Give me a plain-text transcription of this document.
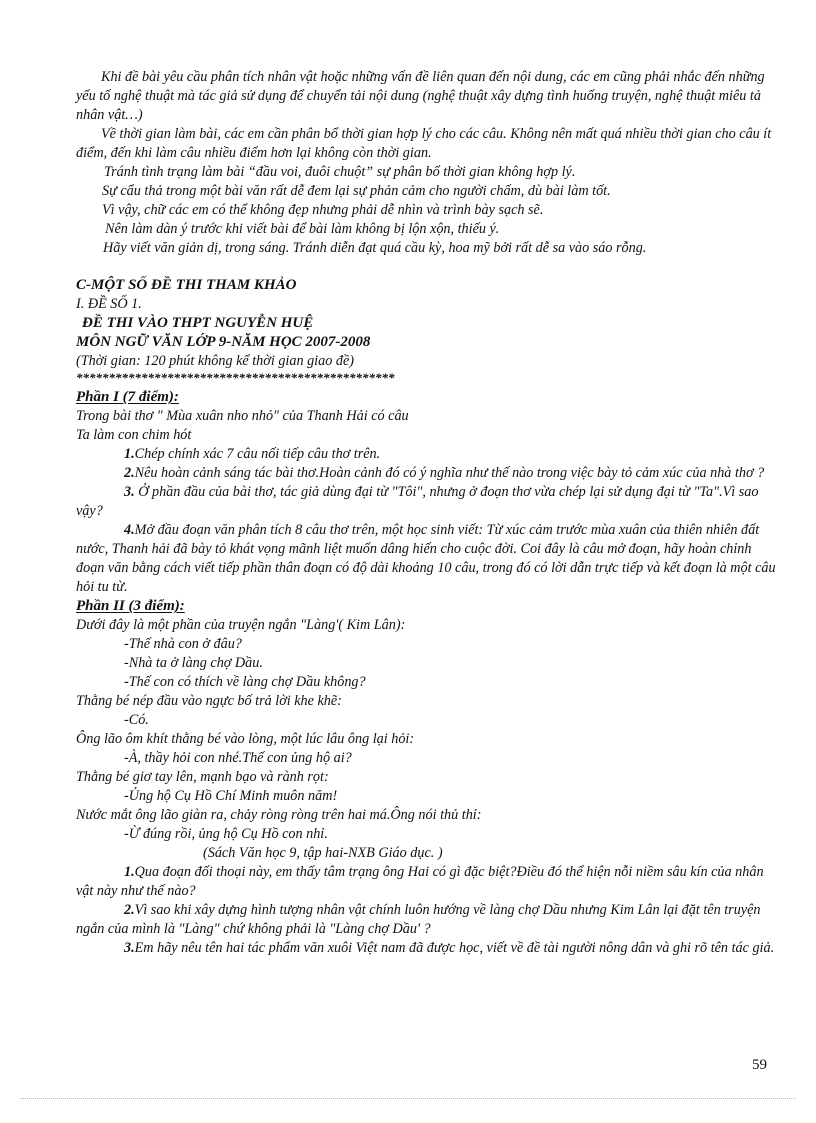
Khi đề bài yêu cầu phân tích nhân vật hoặc những vấn đề liên quan đến nội dung, các em cũng phải nhắc đến những yếu tố nghệ thuật mà tác giả sử dụng để chuyển tải nội dung (nghệ thuật xây dựng tình huống truyện, nghệ thuật miêu tả nhân vật…)

Về thời gian làm bài, các em cần phân bổ thời gian hợp lý cho các câu. Không nên mất quá nhiều thời gian cho câu ít điểm, đến khi làm câu nhiều điểm hơn lại không còn thời gian.

Tránh tình trạng làm bài “đầu voi, đuôi chuột” sự phân bổ thời gian không hợp lý.

Sự cẩu thả trong một bài văn rất dễ đem lại sự phản cảm cho người chấm, dù bài làm tốt.

Vì vậy, chữ các em có thể không đẹp nhưng phải dễ nhìn và trình bày sạch sẽ.

Nên làm dàn ý trước khi viết bài để bài làm không bị lộn xộn, thiếu ý.

Hãy viết văn giản dị, trong sáng. Tránh diễn đạt quá cầu kỳ, hoa mỹ bởi rất dễ sa vào sáo rỗng.

C-MỘT SỐ ĐỀ THI THAM KHẢO

I. ĐỀ SỐ 1.

ĐỀ THI VÀO THPT NGUYỄN HUỆ

MÔN NGỮ VĂN LỚP 9-NĂM HỌC 2007-2008

(Thời gian: 120 phút không kể thời gian giao đề)

*************************************************

Phần I (7 điểm):

Trong bài thơ " Mùa xuân nho nhỏ" của Thanh Hải có câu

Ta làm con chim hót

1.Chép chính xác 7 câu nối tiếp câu thơ trên.

2.Nêu hoàn cảnh sáng tác bài thơ.Hoàn cảnh đó có ý nghĩa như thế nào trong việc bày tỏ cảm xúc của nhà thơ ?

3. Ở phần đầu của bài thơ, tác giả dùng đại từ "Tôi", nhưng ở đoạn thơ vừa chép lại sử dụng đại từ "Ta".Vì sao vậy?

4.Mở đầu đoạn văn phân tích 8 câu thơ trên, một học sinh viết: Từ xúc cảm trước mùa xuân của thiên nhiên đất nước, Thanh hải đã bày tỏ khát vọng mãnh liệt muốn dâng hiến cho cuộc đời. Coi đây là câu mở đoạn, hãy hoàn chỉnh đoạn văn bằng cách viết tiếp phần thân đoạn có độ dài khoảng 10 câu, trong đó có lời dẫn trực tiếp và kết đoạn là một câu hỏi tu từ.

Phần II (3 điểm):

Dưới đây là một phần của truyện ngắn "Làng'( Kim Lân):

-Thế nhà con ở đâu?

-Nhà ta ở làng chợ Dầu.

-Thế con có thích về làng chợ Dầu không?

Thằng bé nép đầu vào ngực bố trả lời khe khẽ:

-Có.

Ông lão ôm khít thằng bé vào lòng, một lúc lâu ông lại hỏi:

-À, thầy hỏi con nhé.Thế con ủng hộ ai?

Thằng bé giơ tay lên, mạnh bạo và rành rọt:

-Ủng hộ Cụ Hồ Chí Minh muôn năm!

Nước mắt ông lão giàn ra, chảy ròng ròng trên hai má.Ông nói thủ thỉ:

-Ừ đúng rồi, ủng hộ Cụ Hồ con nhỉ.

(Sách Văn học 9, tập hai-NXB Giáo dục. )

1.Qua đoạn đối thoại này, em thấy tâm trạng ông Hai có gì đặc biệt?Điều đó thể hiện nỗi niềm sâu kín của nhân vật này như thế nào?

2.Vì sao khi xây dựng hình tượng nhân vật chính luôn hướng về làng chợ Dầu nhưng Kim Lân lại đặt tên truyện ngắn của mình là "Làng" chứ không phải là "Làng chợ Dầu' ?

3.Em hãy nêu tên hai tác phẩm văn xuôi Việt nam đã được học, viết về đề tài người nông dân và ghi rõ tên tác giả.

59
